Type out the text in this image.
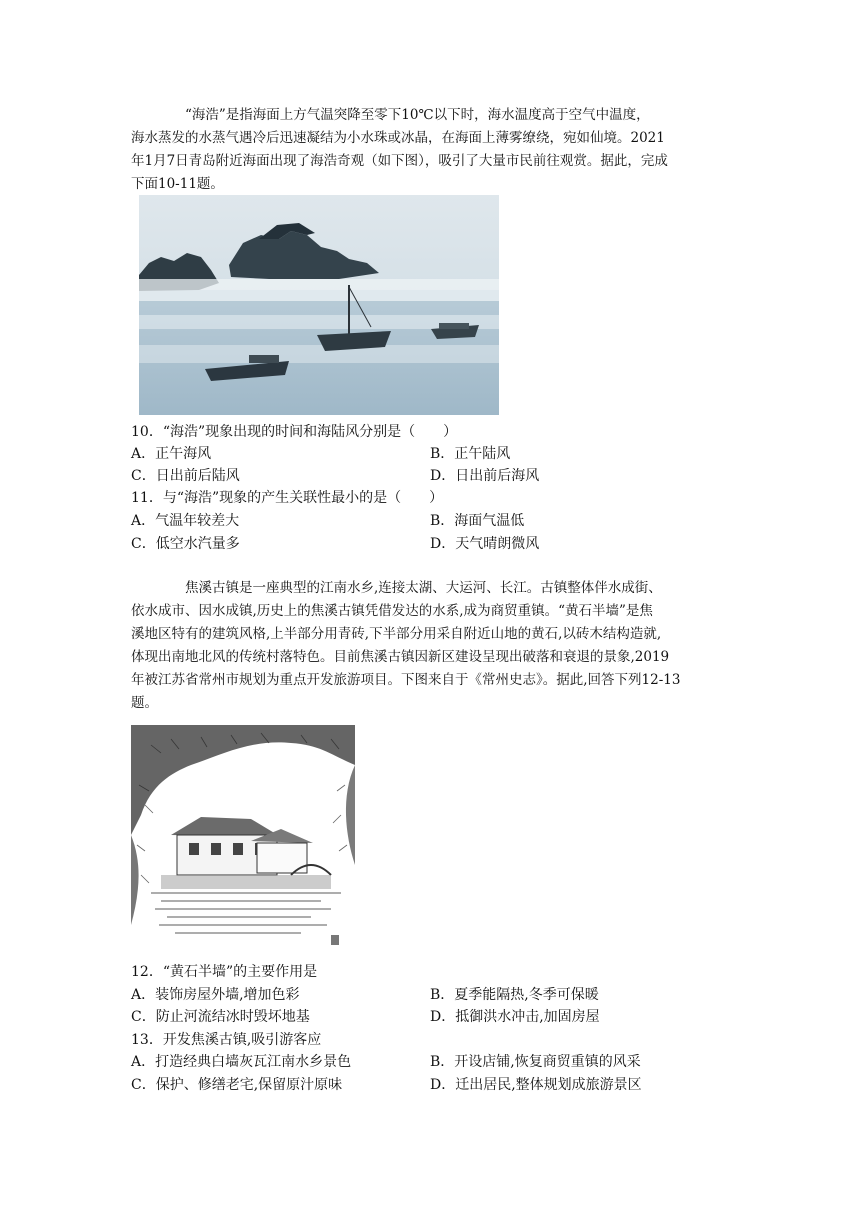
“海浩”是指海面上方气温突降至零下10℃以下时，海水温度高于空气中温度，

海水蒸发的水蒸气遇冷后迅速凝结为小水珠或冰晶，在海面上薄雾缭绕，宛如仙境。2021

年1月7日青岛附近海面出现了海浩奇观（如下图），吸引了大量市民前往观赏。据此，完成

下面10-11题。

10．“海浩”现象出现的时间和海陆风分别是（　　）
A．正午海风	B．正午陆风
C．日出前后陆风	D．日出前后海风
11．与“海浩”现象的产生关联性最小的是（　　）
A．气温年较差大	B．海面气温低
C．低空水汽量多	D．天气晴朗微风

焦溪古镇是一座典型的江南水乡,连接太湖、大运河、长江。古镇整体伴水成街、

依水成市、因水成镇,历史上的焦溪古镇凭借发达的水系,成为商贸重镇。“黄石半墙”是焦

溪地区特有的建筑风格,上半部分用青砖,下半部分用采自附近山地的黄石,以砖木结构造就,

体现出南地北风的传统村落特色。目前焦溪古镇因新区建设呈现出破落和衰退的景象,2019

年被江苏省常州市规划为重点开发旅游项目。下图来自于《常州史志》。据此,回答下列12-13

题。

12．“黄石半墙”的主要作用是
A．装饰房屋外墙,增加色彩	B．夏季能隔热,冬季可保暖
C．防止河流结冰时毁坏地基	D．抵御洪水冲击,加固房屋
13．开发焦溪古镇,吸引游客应
A．打造经典白墙灰瓦江南水乡景色	B．开设店铺,恢复商贸重镇的风采
C．保护、修缮老宅,保留原汁原味	D．迁出居民,整体规划成旅游景区
